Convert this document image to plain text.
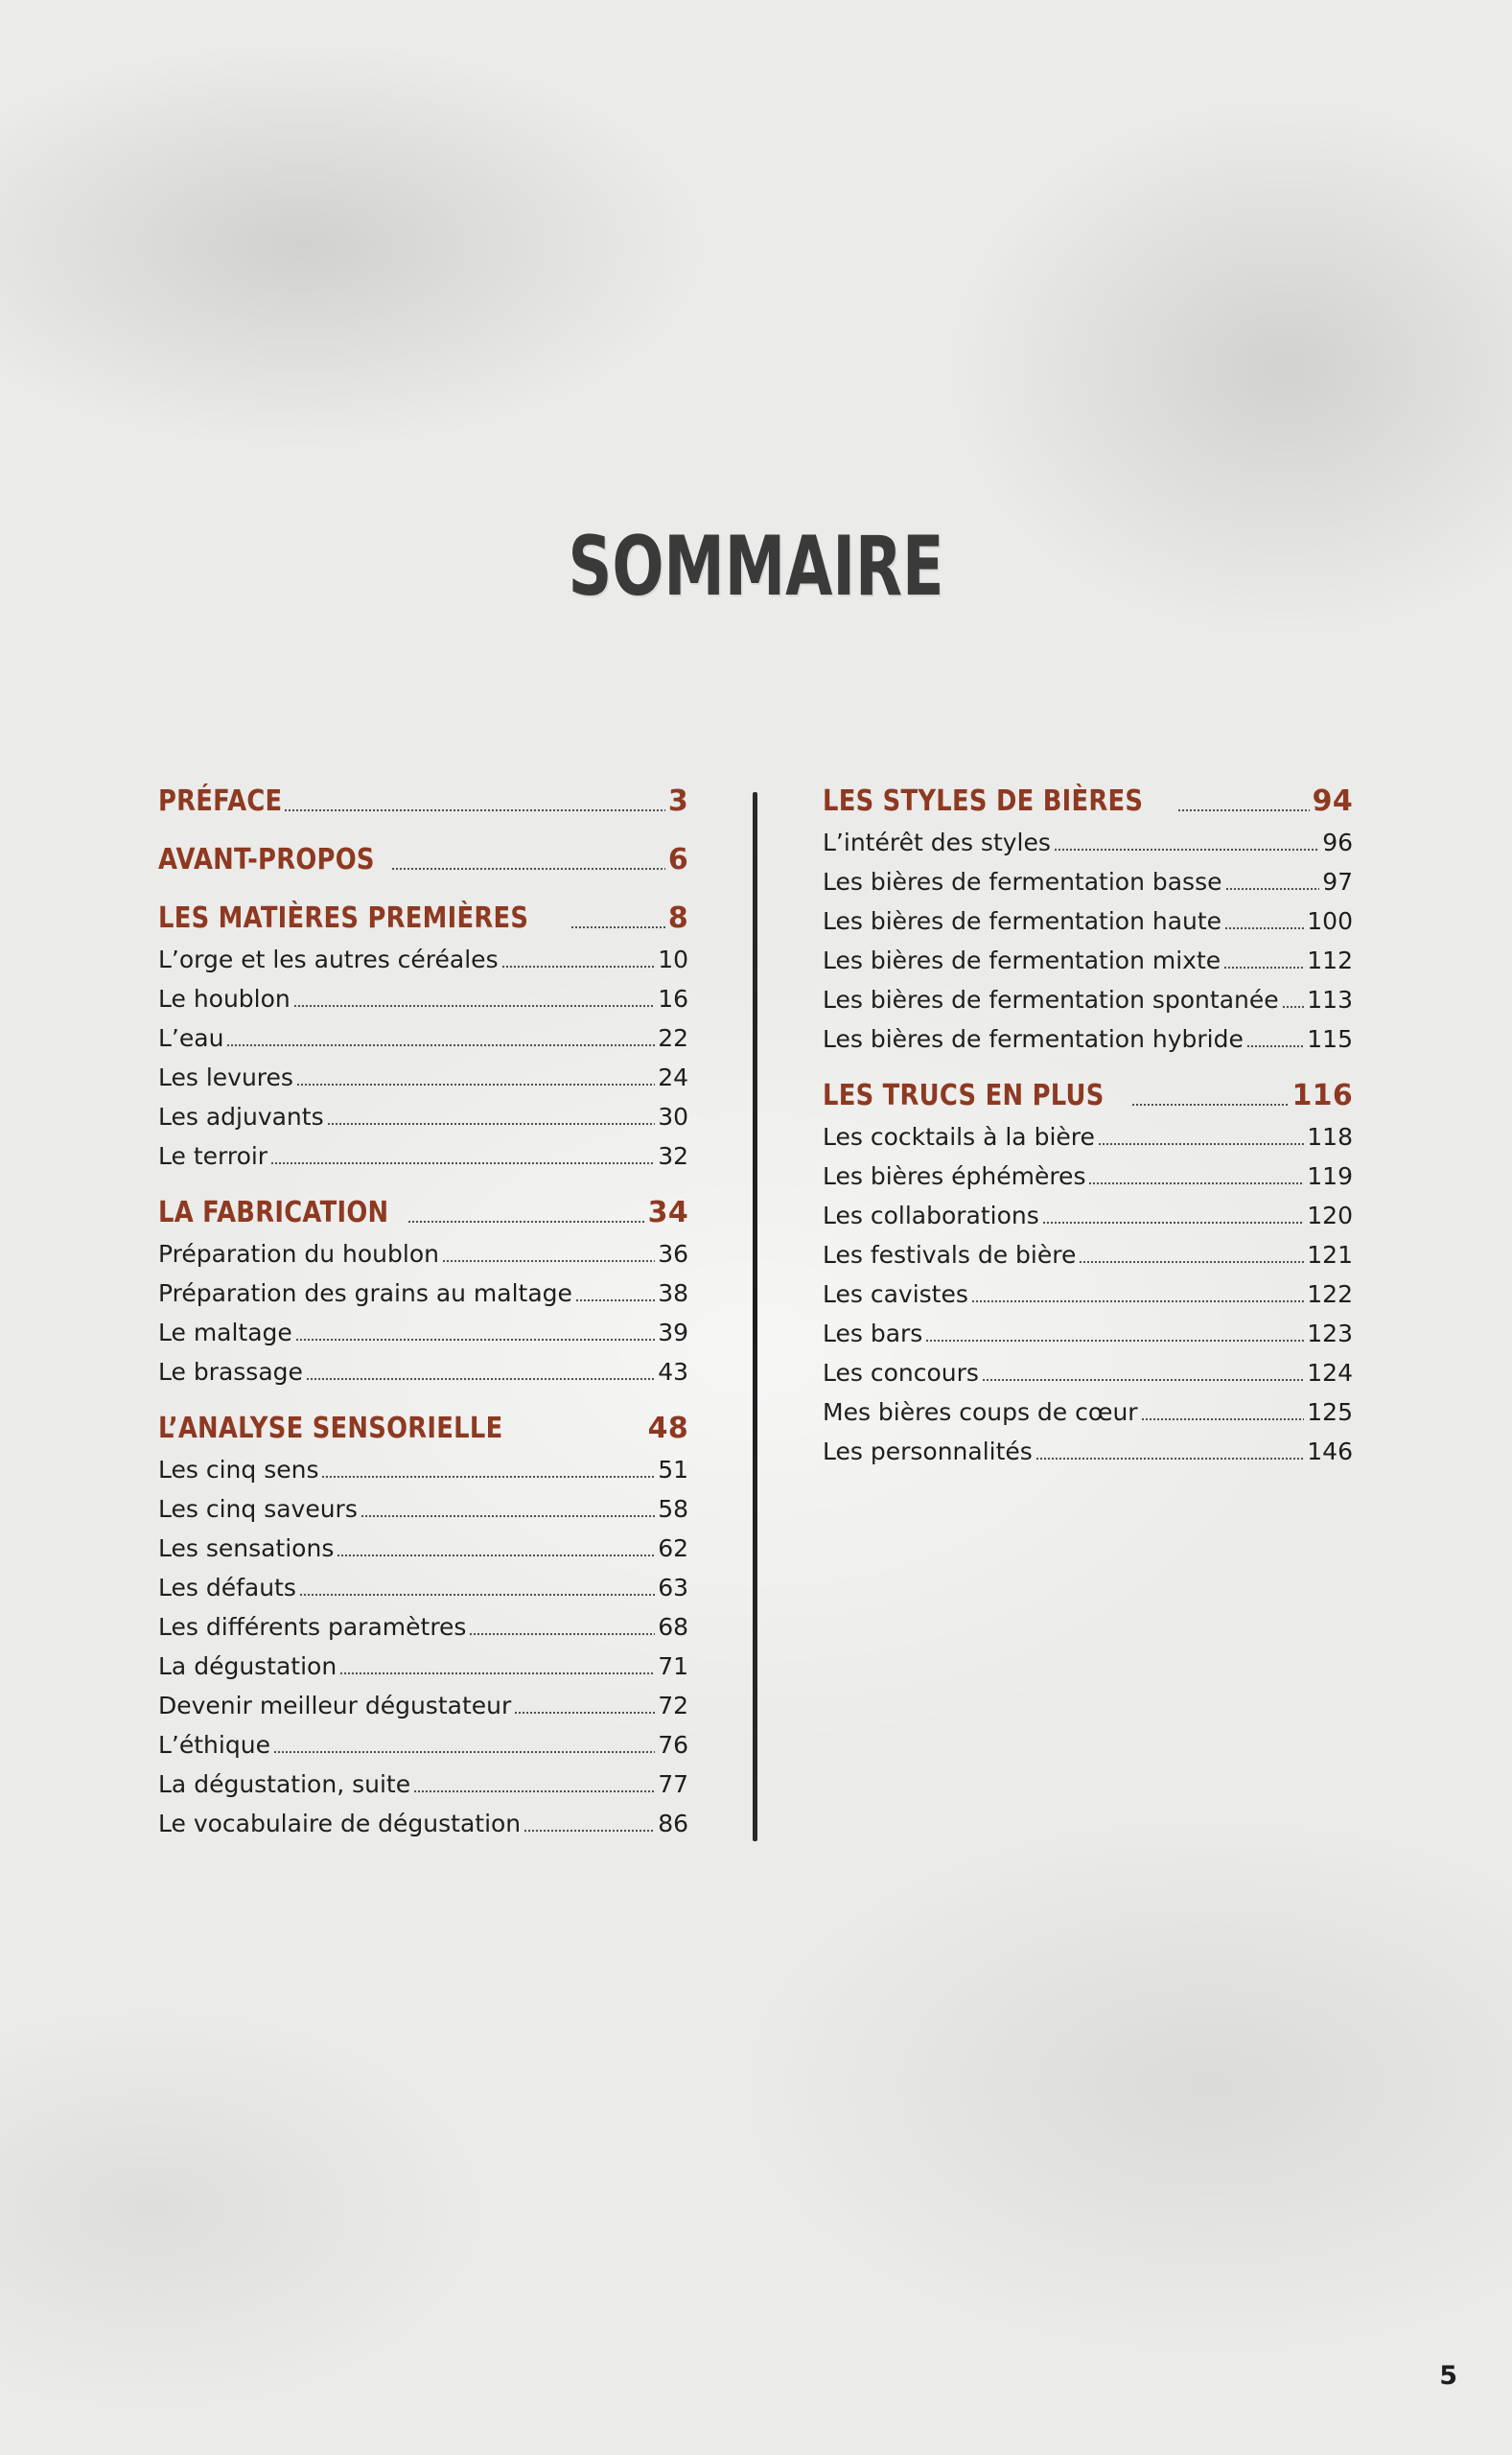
SOMMAIRE
PRÉFACE	3
AVANT-PROPOS	6
LES MATIÈRES PREMIÈRES	8
L’orge et les autres céréales	10
Le houblon	16
L’eau	22
Les levures	24
Les adjuvants	30
Le terroir	32
LA FABRICATION	34
Préparation du houblon	36
Préparation des grains au maltage	38
Le maltage	39
Le brassage	43
L’ANALYSE SENSORIELLE	48
Les cinq sens	51
Les cinq saveurs	58
Les sensations	62
Les défauts	63
Les différents paramètres	68
La dégustation	71
Devenir meilleur dégustateur	72
L’éthique	76
La dégustation, suite	77
Le vocabulaire de dégustation	86
LES STYLES DE BIÈRES	94
L’intérêt des styles	96
Les bières de fermentation basse	97
Les bières de fermentation haute	100
Les bières de fermentation mixte	112
Les bières de fermentation spontanée 113
Les bières de fermentation hybride	115
LES TRUCS EN PLUS	116
Les cocktails à la bière	118
Les bières éphémères	119
Les collaborations	120
Les festivals de bière	121
Les cavistes	122
Les bars	123
Les concours	124
Mes bières coups de cœur	125
Les personnalités	146
5
